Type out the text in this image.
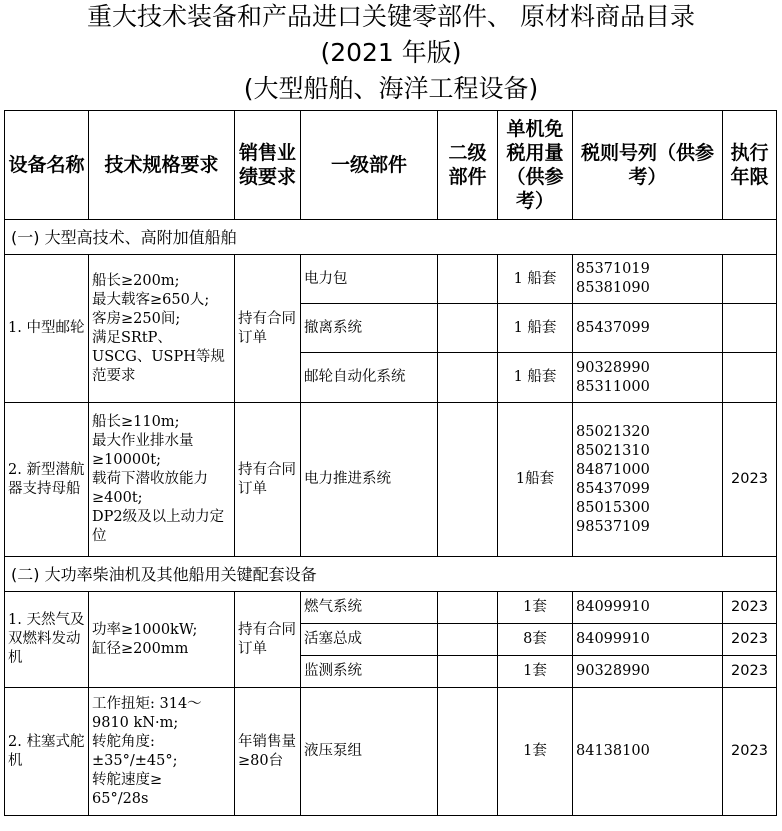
重大技术装备和产品进口关键零部件、 原材料商品目录
(2021 年版)
(大型船舶、海洋工程设备)
设备名称	技术规格要求	销售业绩要求	一级部件	二级部件	单机免税用量（供参考）	税则号列（供参考）	执行年限
(一) 大型高技术、高附加值船舶							
1. 中型邮轮	船长≥200m;
最大载客≥650人;
客房≥250间;
满足SRtP、USCG、USPH等规范要求	持有合同订单	电力包		1 船套	85371019 85381090	
			撤离系统		1 船套	85437099	
			邮轮自动化系统		1 船套	90328990 85311000	
2. 新型潜航器支持母船	船长≥110m;
最大作业排水量≥10000t;
载荷下潜收放能力≥400t;
DP2级及以上动力定位	持有合同订单	电力推进系统		1船套	85021320 85021310
84871000 85437099
85015300 98537109	2023
(二) 大功率柴油机及其他船用关键配套设备							
1. 天然气及双燃料发动机	功率≥1000kW;
缸径≥200mm	持有合同订单	燃气系统		1套	84099910	2023
			活塞总成		8套	84099910	2023
			监测系统		1套	90328990	2023
2. 柱塞式舵机	工作扭矩: 314～9810 kN·m;
转舵角度:
±35°/±45°;
转舵速度≥
65°/28s	年销售量≥80台	液压泵组		1套	84138100	2023
